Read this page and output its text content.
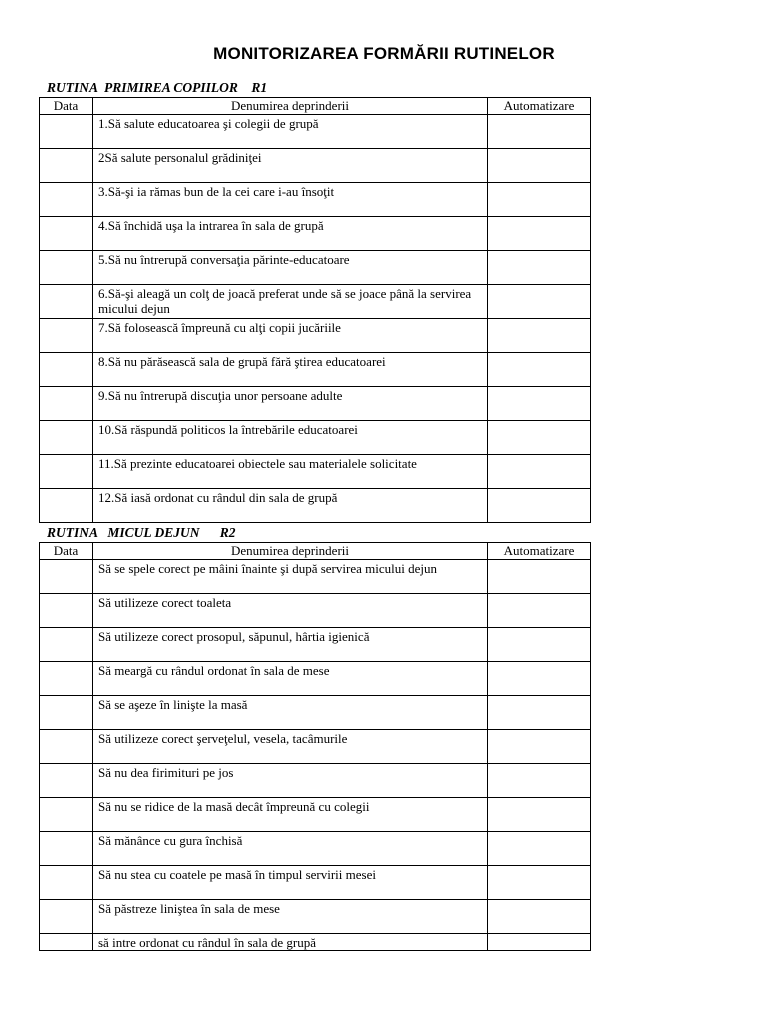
MONITORIZAREA FORMĂRII RUTINELOR
RUTINA  PRIMIREA COPIILOR    R1
Data	Denumirea deprinderii	Automatizare
	1.Să salute educatoarea şi colegii de grupă	
	2Să salute personalul grădiniţei	
	3.Să-şi ia rămas bun de la cei care i-au însoţit	
	4.Să închidă uşa la intrarea în sala de grupă	
	5.Să nu întrerupă conversaţia părinte-educatoare	
	6.Să-şi aleagă un colţ de joacă preferat unde să se joace până la servirea micului dejun	
	7.Să folosească împreună cu alţi copii jucăriile	
	8.Să nu părăsească sala de grupă fără ştirea educatoarei	
	9.Să nu întrerupă discuţia unor persoane adulte	
	10.Să răspundă politicos la întrebările educatoarei	
	11.Să prezinte educatoarei obiectele sau materialele solicitate	
	12.Să iasă ordonat cu rândul din sala de grupă	
RUTINA   MICUL DEJUN      R2
Data	Denumirea deprinderii	Automatizare
	Să se spele corect pe mâini înainte şi după servirea micului dejun	
	Să utilizeze corect toaleta	
	Să utilizeze corect prosopul, săpunul, hârtia igienică	
	Să meargă cu rândul ordonat în sala de mese	
	Să se aşeze în linişte la masă	
	Să utilizeze corect şerveţelul, vesela, tacâmurile	
	Să nu dea firimituri pe jos	
	Să nu se ridice de la masă decât împreună cu colegii	
	Să mănânce cu gura închisă	
	Să nu stea cu coatele pe masă în timpul servirii mesei	
	Să păstreze liniştea în sala de mese	
	să intre ordonat cu rândul în sala de grupă	
